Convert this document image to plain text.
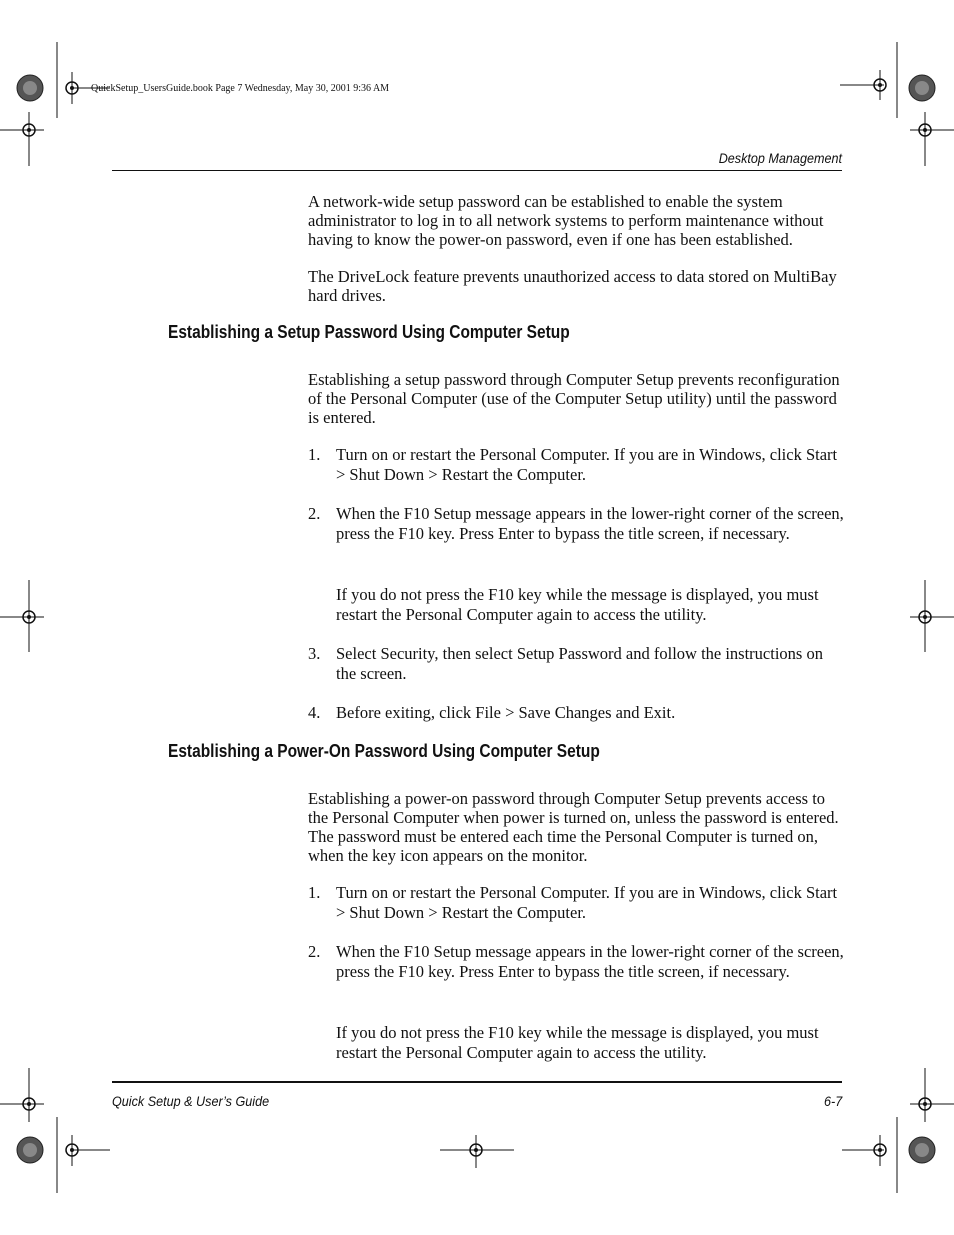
QuickSetup_UsersGuide.book Page 7 Wednesday, May 30, 2001 9:36 AM
Desktop Management

A network-wide setup password can be established to enable the system administrator to log in to all network systems to perform maintenance without having to know the power-on password, even if one has been established.

The DriveLock feature prevents unauthorized access to data stored on MultiBay hard drives.

Establishing a Setup Password Using Computer Setup

Establishing a setup password through Computer Setup prevents reconfiguration of the Personal Computer (use of the Computer Setup utility) until the password is entered.

1. Turn on or restart the Personal Computer. If you are in Windows, click Start > Shut Down > Restart the Computer.
2. When the F10 Setup message appears in the lower-right corner of the screen, press the F10 key. Press Enter to bypass the title screen, if necessary.
If you do not press the F10 key while the message is displayed, you must restart the Personal Computer again to access the utility.
3. Select Security, then select Setup Password and follow the instructions on the screen.
4. Before exiting, click File > Save Changes and Exit.
Establishing a Power-On Password Using Computer Setup

Establishing a power-on password through Computer Setup prevents access to the Personal Computer when power is turned on, unless the password is entered. The password must be entered each time the Personal Computer is turned on, when the key icon appears on the monitor.

1. Turn on or restart the Personal Computer. If you are in Windows, click Start > Shut Down > Restart the Computer.
2. When the F10 Setup message appears in the lower-right corner of the screen, press the F10 key. Press Enter to bypass the title screen, if necessary.
If you do not press the F10 key while the message is displayed, you must restart the Personal Computer again to access the utility.
Quick Setup & User’s Guide	6-7
